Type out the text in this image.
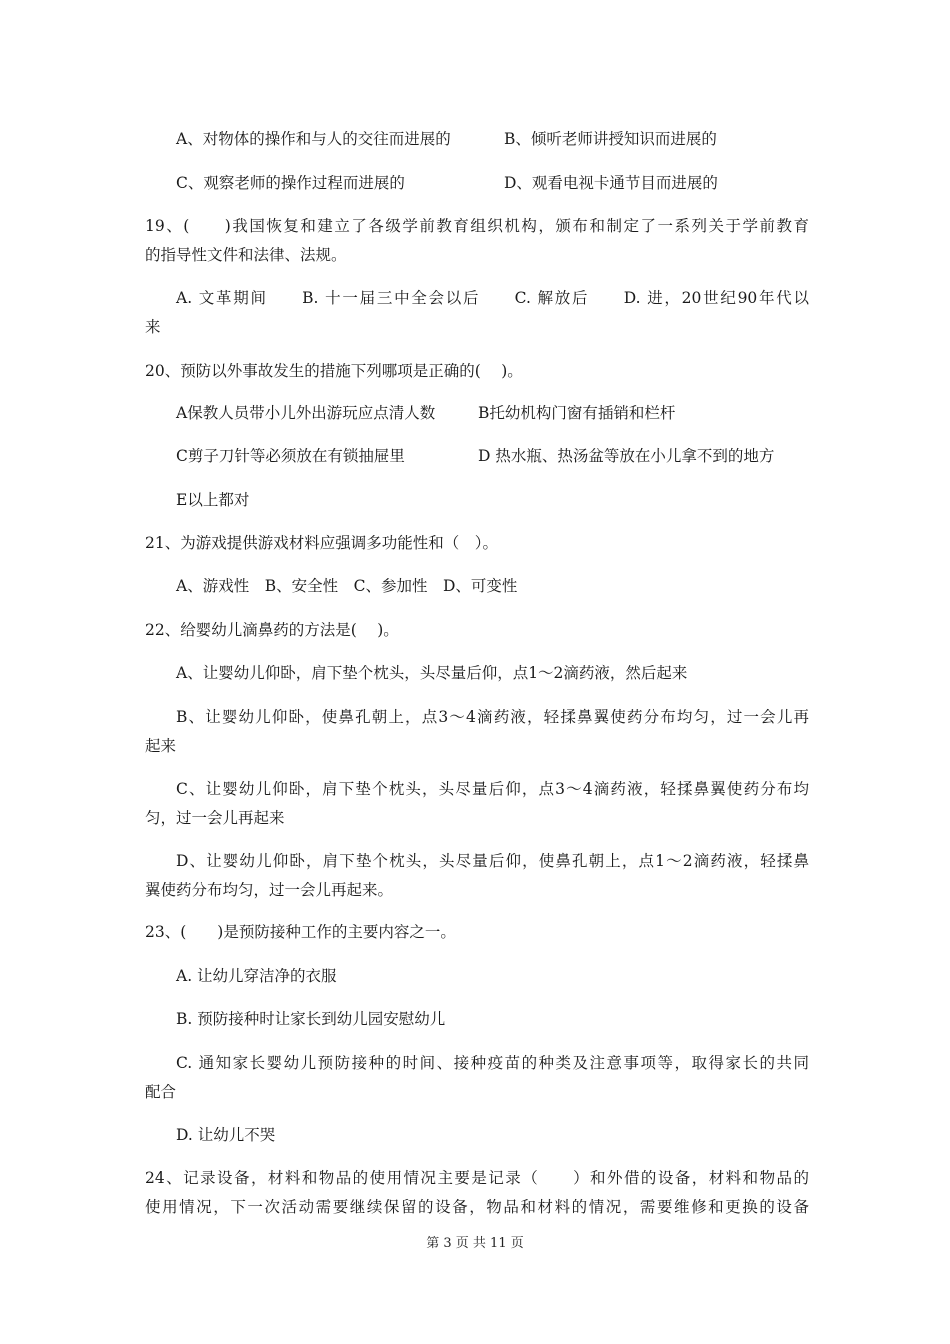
A、对物体的操作和与人的交往而进展的	B、倾听老师讲授知识而进展的
C、观察老师的操作过程而进展的	D、观看电视卡通节目而进展的
19、(　　)我国恢复和建立了各级学前教育组织机构，颁布和制定了一系列关于学前教育
的指导性文件和法律、法规。
A. 文革期间　　B. 十一届三中全会以后　　C. 解放后　　D. 进，20世纪90年代以
来
20、预防以外事故发生的措施下列哪项是正确的(　 )。
A保教人员带小儿外出游玩应点清人数	B托幼机构门窗有插销和栏杆
C剪子刀针等必须放在有锁抽屉里	D 热水瓶、热汤盆等放在小儿拿不到的地方
E以上都对
21、为游戏提供游戏材料应强调多功能性和（　）。
A、游戏性　B、安全性　C、参加性　D、可变性
22、给婴幼儿滴鼻药的方法是(　 )。
A、让婴幼儿仰卧，肩下垫个枕头，头尽量后仰，点1～2滴药液，然后起来
B、让婴幼儿仰卧，使鼻孔朝上，点3～4滴药液，轻揉鼻翼使药分布均匀，过一会儿再
起来
C、让婴幼儿仰卧，肩下垫个枕头，头尽量后仰，点3～4滴药液，轻揉鼻翼使药分布均
匀，过一会儿再起来
D、让婴幼儿仰卧，肩下垫个枕头，头尽量后仰，使鼻孔朝上，点1～2滴药液，轻揉鼻
翼使药分布均匀，过一会儿再起来。
23、(　　)是预防接种工作的主要内容之一。
A. 让幼儿穿洁净的衣服
B. 预防接种时让家长到幼儿园安慰幼儿
C. 通知家长婴幼儿预防接种的时间、接种疫苗的种类及注意事项等，取得家长的共同
配合
D. 让幼儿不哭
24、记录设备，材料和物品的使用情况主要是记录（　　）和外借的设备，材料和物品的
使用情况，下一次活动需要继续保留的设备，物品和材料的情况，需要维修和更换的设备
第 3 页 共 11 页
